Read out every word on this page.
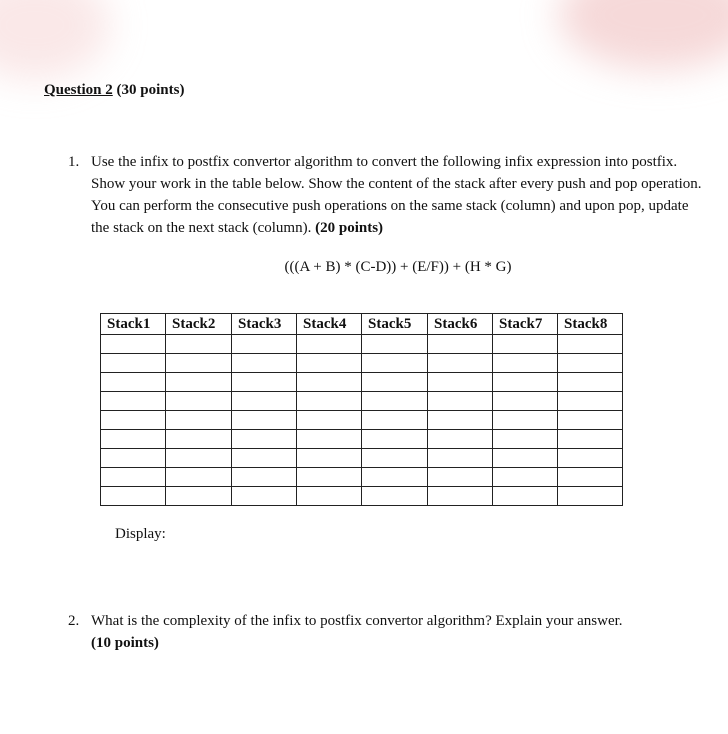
Question 2 (30 points)
1. Use the infix to postfix convertor algorithm to convert the following infix expression into postfix. Show your work in the table below. Show the content of the stack after every push and pop operation. You can perform the consecutive push operations on the same stack (column) and upon pop, update the stack on the next stack (column). (20 points)
(((A + B) * (C-D)) + (E/F)) + (H * G)
Stack1	Stack2	Stack3	Stack4	Stack5	Stack6	Stack7	Stack8

Display:
2. What is the complexity of the infix to postfix convertor algorithm? Explain your answer.
(10 points)
